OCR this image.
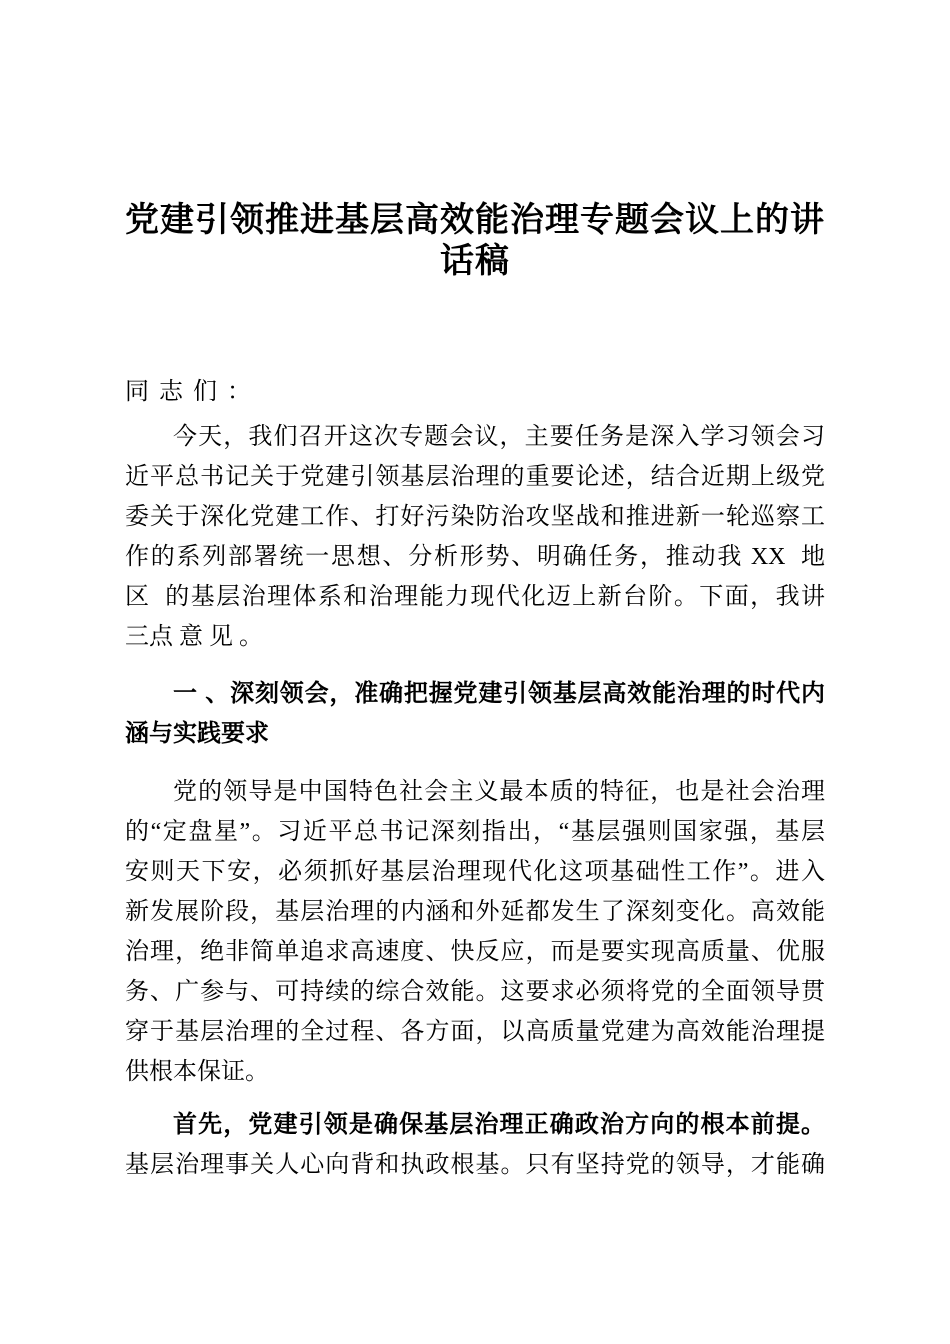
党建引领推进基层高效能治理专题会议上的讲
话稿
同 志 们 ：
今天，我们召开这次专题会议，主要任务是深入学习领会习
近平总书记关于党建引领基层治理的重要论述，结合近期上级党
委关于深化党建工作、打好污染防治攻坚战和推进新一轮巡察工
作的系列部署统一思想、分析形势、明确任务，推动我 XX  地
区  的基层治理体系和治理能力现代化迈上新台阶。下面，我讲
三点 意 见 。
一 、深刻领会，准确把握党建引领基层高效能治理的时代内
涵与实践要求
党的领导是中国特色社会主义最本质的特征，也是社会治理
的“定盘星”。习近平总书记深刻指出，“基层强则国家强，基层
安则天下安，必须抓好基层治理现代化这项基础性工作”。进入
新发展阶段，基层治理的内涵和外延都发生了深刻变化。高效能
治理，绝非简单追求高速度、快反应，而是要实现高质量、优服
务、广参与、可持续的综合效能。这要求必须将党的全面领导贯
穿于基层治理的全过程、各方面，以高质量党建为高效能治理提
供根本保证。
首先，党建引领是确保基层治理正确政治方向的根本前提。
基层治理事关人心向背和执政根基。只有坚持党的领导，才能确
